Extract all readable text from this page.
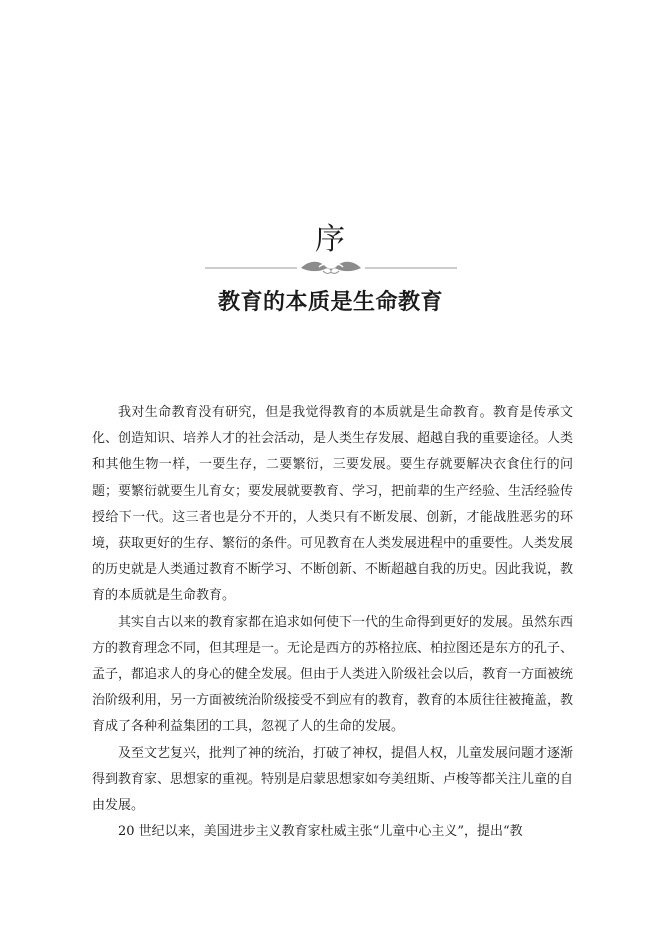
序
教育的本质是生命教育

我对生命教育没有研究，但是我觉得教育的本质就是生命教育。教育是传承文化、创造知识、培养人才的社会活动，是人类生存发展、超越自我的重要途径。人类和其他生物一样，一要生存，二要繁衍，三要发展。要生存就要解决衣食住行的问题；要繁衍就要生儿育女；要发展就要教育、学习，把前辈的生产经验、生活经验传授给下一代。这三者也是分不开的，人类只有不断发展、创新，才能战胜恶劣的环境，获取更好的生存、繁衍的条件。可见教育在人类发展进程中的重要性。人类发展的历史就是人类通过教育不断学习、不断创新、不断超越自我的历史。因此我说，教育的本质就是生命教育。

其实自古以来的教育家都在追求如何使下一代的生命得到更好的发展。虽然东西方的教育理念不同，但其理是一。无论是西方的苏格拉底、柏拉图还是东方的孔子、孟子，都追求人的身心的健全发展。但由于人类进入阶级社会以后，教育一方面被统治阶级利用，另一方面被统治阶级接受不到应有的教育，教育的本质往往被掩盖，教育成了各种利益集团的工具，忽视了人的生命的发展。

及至文艺复兴，批判了神的统治，打破了神权，提倡人权，儿童发展问题才逐渐得到教育家、思想家的重视。特别是启蒙思想家如夸美纽斯、卢梭等都关注儿童的自由发展。

20 世纪以来，美国进步主义教育家杜威主张“儿童中心主义”，提出“教
